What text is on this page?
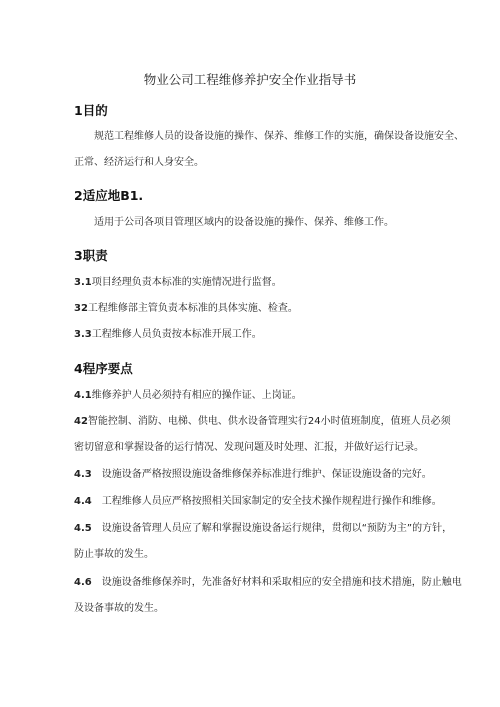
物业公司工程维修养护安全作业指导书
1目的
规范工程维修人员的设备设施的操作、保养、维修工作的实施，确保设备设施安全、
正常、经济运行和人身安全。
2适应地B1.
适用于公司各项目管理区域内的设备设施的操作、保养、维修工作。
3职责
3.1项目经理负责本标准的实施情况进行监督。
32工程维修部主管负责本标准的具体实施、检查。
3.3工程维修人员负责按本标准开展工作。
4程序要点
4.1维修养护人员必须持有相应的操作证、上岗证。
42智能控制、消防、电梯、供电、供水设备管理实行24小时值班制度，值班人员必须
密切留意和掌握设备的运行情况、发现问题及时处理、汇报，并做好运行记录。
4.3 设施设备严格按照设施设备维修保养标准进行维护、保证设施设备的完好。
4.4 工程维修人员应严格按照相关国家制定的安全技术操作规程进行操作和维修。
4.5 设施设备管理人员应了解和掌握设施设备运行规律，贯彻以“预防为主”的方针，
防止事故的发生。
4.6 设施设备维修保养时，先准备好材料和采取相应的安全措施和技术措施，防止触电
及设备事故的发生。
